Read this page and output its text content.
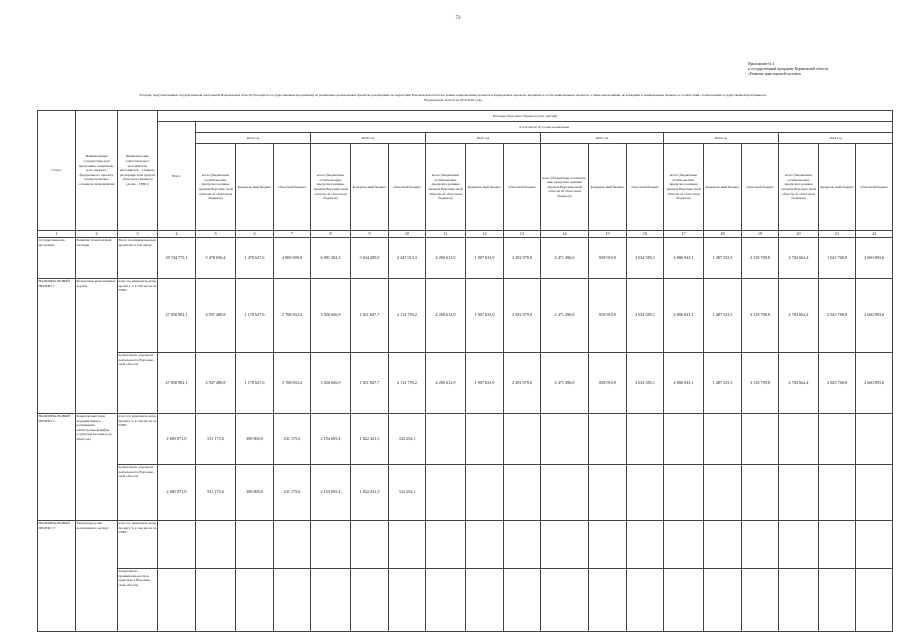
73
Приложение № 4
к государственной программе Воронежской области
«Развитие транспортной системы»
Расходы, предусмотренные государственной программой Воронежской области (Расходы по государственным программам) на реализацию региональных проектов, реализуемых на территории Воронежской области в рамках национальных проектов и федеральных проектов, входящих в состав национальных проектов, а также мероприятий, не вошедших в национальные проекты, в соответствии с показателями государственной программы на
Воронежской области на 2019-2024 годы
Статус	Наименование государствен-ной программы, националь-ного проекта, федерального проекта, подпрограм-мы, основного мероприятия	Наименова-ние ответствен-ного исполнителя, исполнитель – главного распоряди-теля средств областного бюджета (далее – ГРБС)	Расходы областного бюджета (тыс. рублей)																		
			Всего	в том числе по годам реализации																	
				2019 год			2020 год			2021 год			2022 год			2023 год			2024 год		
				всего (бюджетные ассигнова-ния, предусмот-ренные законом Воронеж-ской области об областном бюджете)	федераль-ный бюджет	областной бюджет	всего (бюджетные ассигнова-ния, предусмот-ренные законом Воронеж-ской области об областном бюджете)	федераль-ный бюджет	областной бюджет	всего (бюджетные ассигнова-ния, предусмот-ренные законом Воронеж-ской области об областном бюджете)	федераль-ный бюджет	областной бюджет	всего (бюджетные ассигнова-ния, предусмот-ренные законом Воронеж-ской области об областном бюджете)	федераль-ный бюджет	областной бюджет	всего (бюджетные ассигнова-ния, предусмот-ренные законом Воронеж-ской области об областном бюджете)	федераль-ный бюджет	областной бюджет	всего (бюджетные ассигнова-ния, предусмот-ренные законом Воронеж-ской области об областном бюджете)	федераль-ный бюджет	областной бюджет
1	2	3	4	5	6	7	8	9	10	11	12	13	14	15	16	17	18	19	20	21	22
Государствен-ная программа	Развитие транспортной системы	Всего по националь-ным проектам, в том числе:	29 744 773,1	5 478 656,4	1 478 647,6	4 000 009,0	6 081 302,3	3 634 289,0	2 447 013,3	4 200 612,9	1 907 633,9	2 292 979,0	4 471 496,0	838 910,9	3 634 585,1	4 806 943,1	1 487 333,3	3 318 709,8	4 704 662,4	1 043 768,8	2 660 893,6
НАЦИОНАЛЬ-НЫЙ ПРОЕКТ 1	Безопасные качественные дороги	всего по националь-ному проекту 1, в том числе по ГРБС:	27 058 902,1	4 947 480,8	1 178 647,6	3 768 833,4	3 926 606,9	1 811 847,7	2 114 759,2	4 200 612,9	1 907 633,9	2 292 979,0	4 471 496,0	838 910,9	3 634 585,1	4 806 043,1	1 487 333,3	3 318 709,8	4 704 662,4	2 043 768,8	2 660 893,6
		департамент дорожной деятельности Воронеж-ской области	27 058 902,1	4 947 480,8	1 178 647,6	3 768 833,4	3 926 606,9	1 811 847,7	2 114 759,2	4 200 612,9	1 907 633,9	2 292 979,0	4 471 496,0	838 910,9	3 634 585,1	4 806 043,1	1 487 333,3	3 318 709,8	4 704 662,4	2 043 768,8	2 660 893,6
НАЦИОНАЛЬ-НЫЙ ПРОЕКТ 2	Комплексный план модернизации и расширения магистральной инфра-структуры на период до 2024 года	всего по националь-ному проекту 2, в том числе по ГРБС:	2 685 871,0	531 175,6	300 000,0	231 175,6	2 154 695,4	1 822 441,3	332 254,1												
		департамент дорожной деятельности Воронеж-ской области	2 685 871,0	531 175,6	300 000,0	231 175,6	2 154 695,4	1 822 441,3	332 254,1												
НАЦИОНАЛЬ-НЫЙ ПРОЕКТ 3	Международ-ная кооперация и экспорт	всего по националь-ному проекту 3, в том числе по ГРБС:																			
		департамент промышлен-ности и транспорта Воронеж-ской области																			
